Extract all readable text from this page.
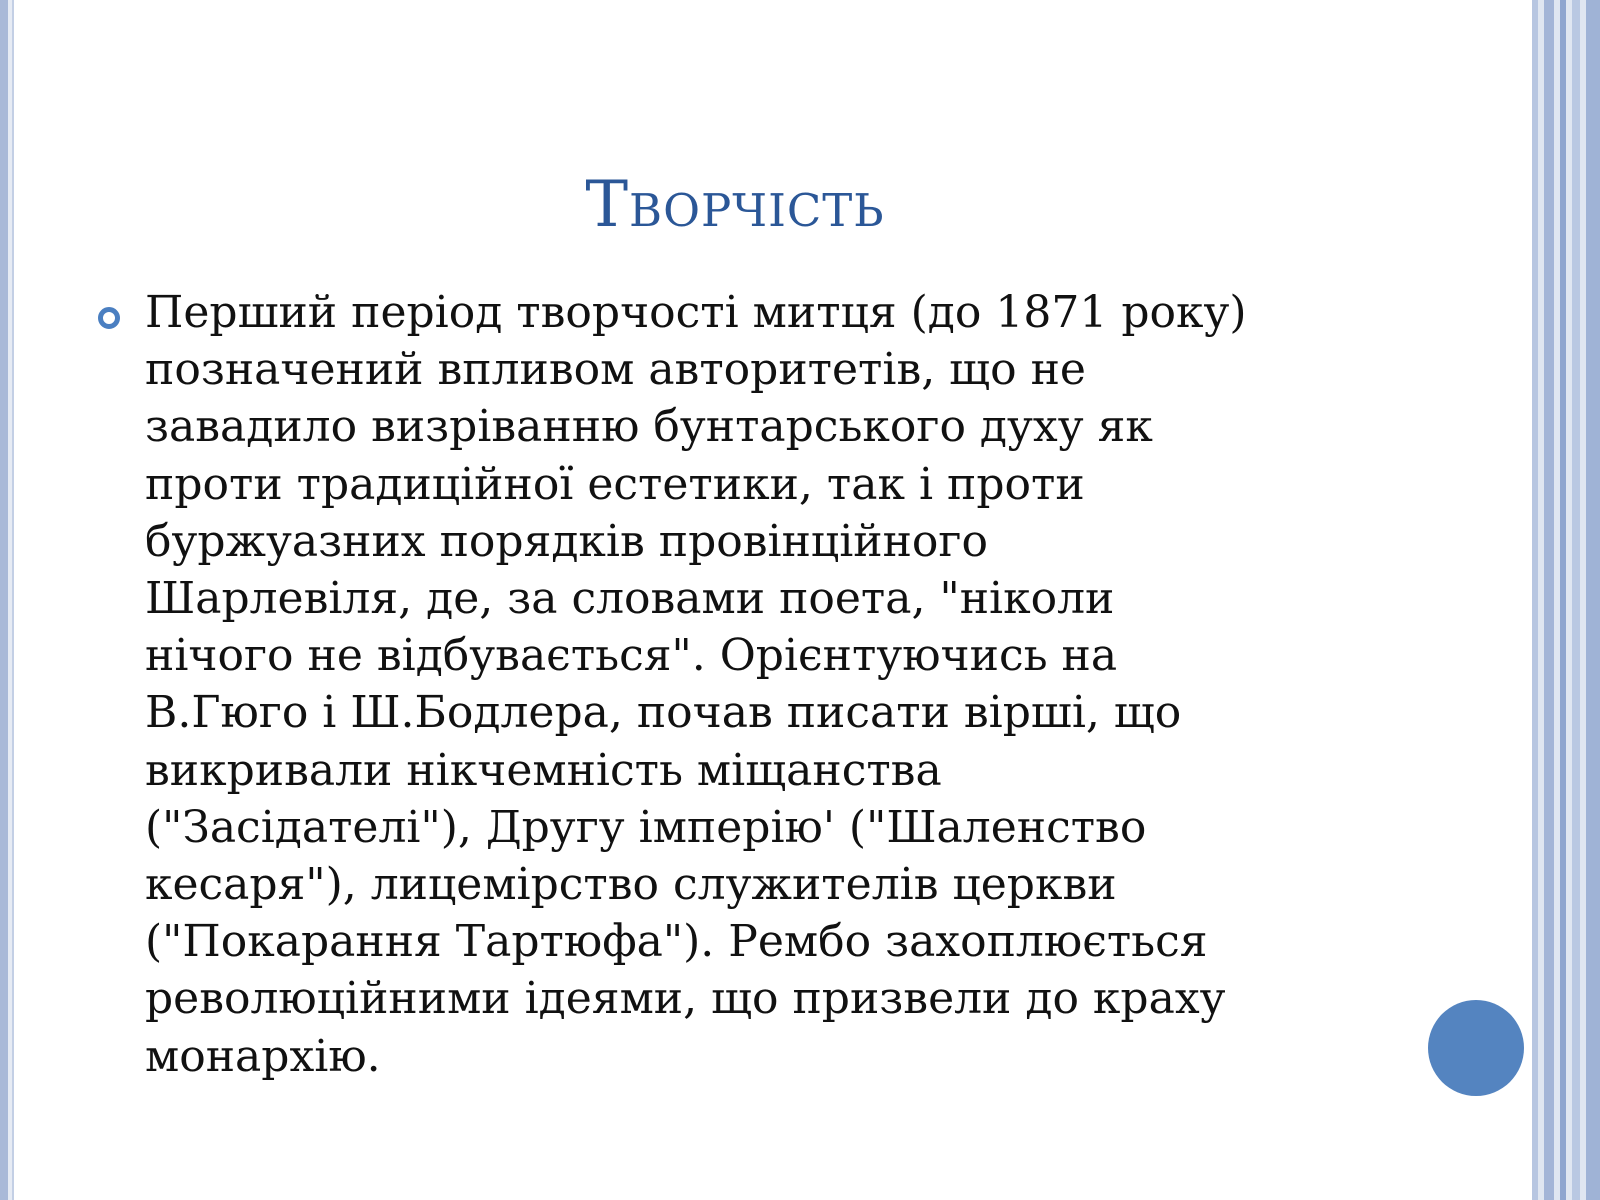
Творчість

Перший період творчості митця (до 1871 року)
позначений впливом авторитетів, що не
завадило визріванню бунтарського духу як
проти традиційної естетики, так і проти
буржуазних порядків провінційного
Шарлевіля, де, за словами поета, "ніколи
нічого не відбувається". Орієнтуючись на
В.Гюго і Ш.Бодлера, почав писати вірші, що
викривали нікчемність міщанства
("Засідателі"), Другу імперію' ("Шаленство
кесаря"), лицемірство служителів церкви
("Покарання Тартюфа"). Рембо захоплюється
революційними ідеями, що призвели до краху
монархію.
